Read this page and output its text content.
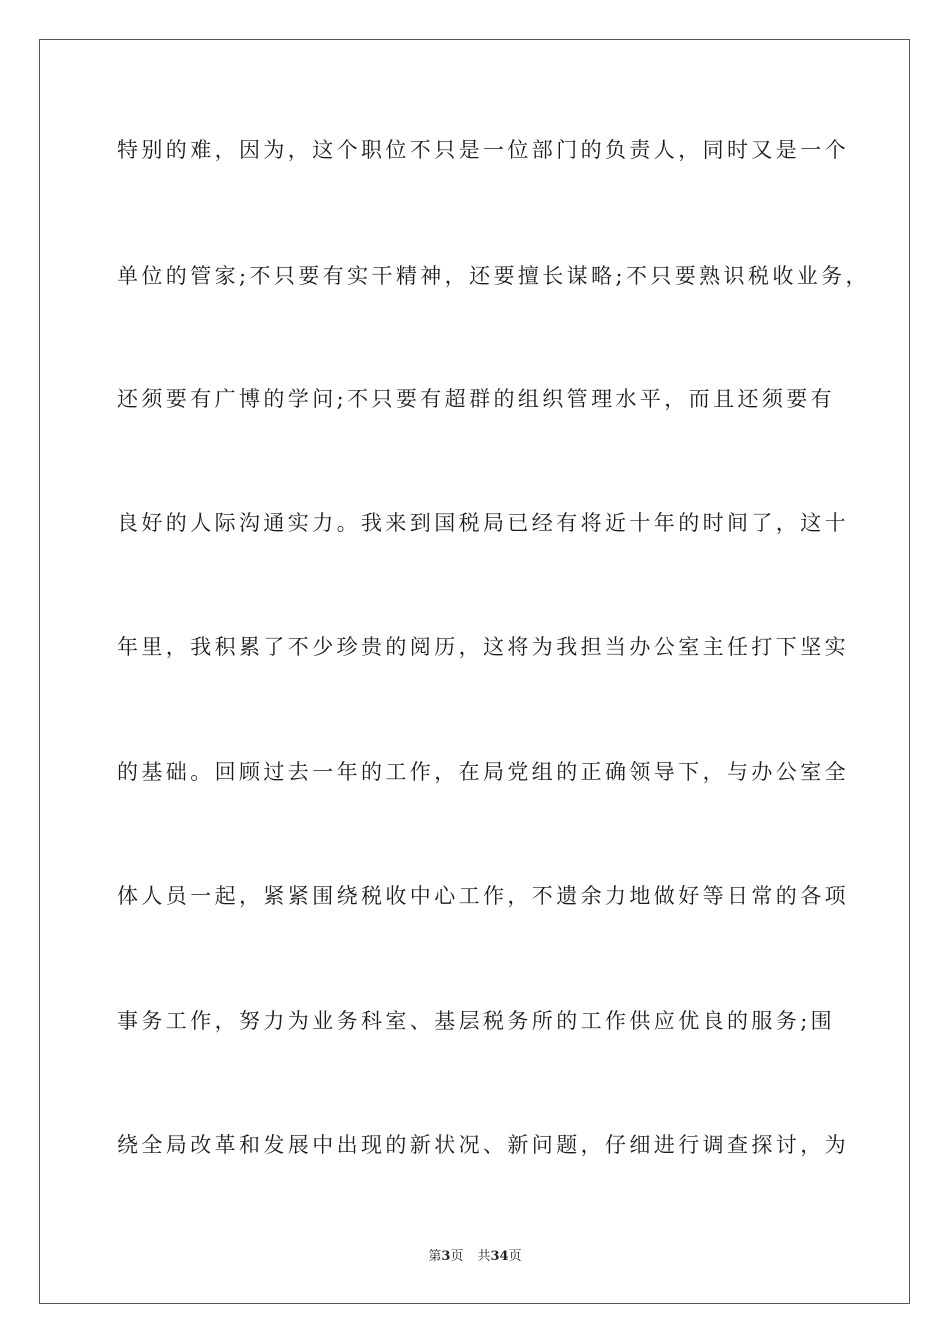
特别的难，因为，这个职位不只是一位部门的负责人，同时又是一个
单位的管家;不只要有实干精神，还要擅长谋略;不只要熟识税收业务，
还须要有广博的学问;不只要有超群的组织管理水平，而且还须要有
良好的人际沟通实力。我来到国税局已经有将近十年的时间了，这十
年里，我积累了不少珍贵的阅历，这将为我担当办公室主任打下坚实
的基础。回顾过去一年的工作，在局党组的正确领导下，与办公室全
体人员一起，紧紧围绕税收中心工作，不遗余力地做好等日常的各项
事务工作，努力为业务科室、基层税务所的工作供应优良的服务;围
绕全局改革和发展中出现的新状况、新问题，仔细进行调查探讨，为
第3页 共34页
